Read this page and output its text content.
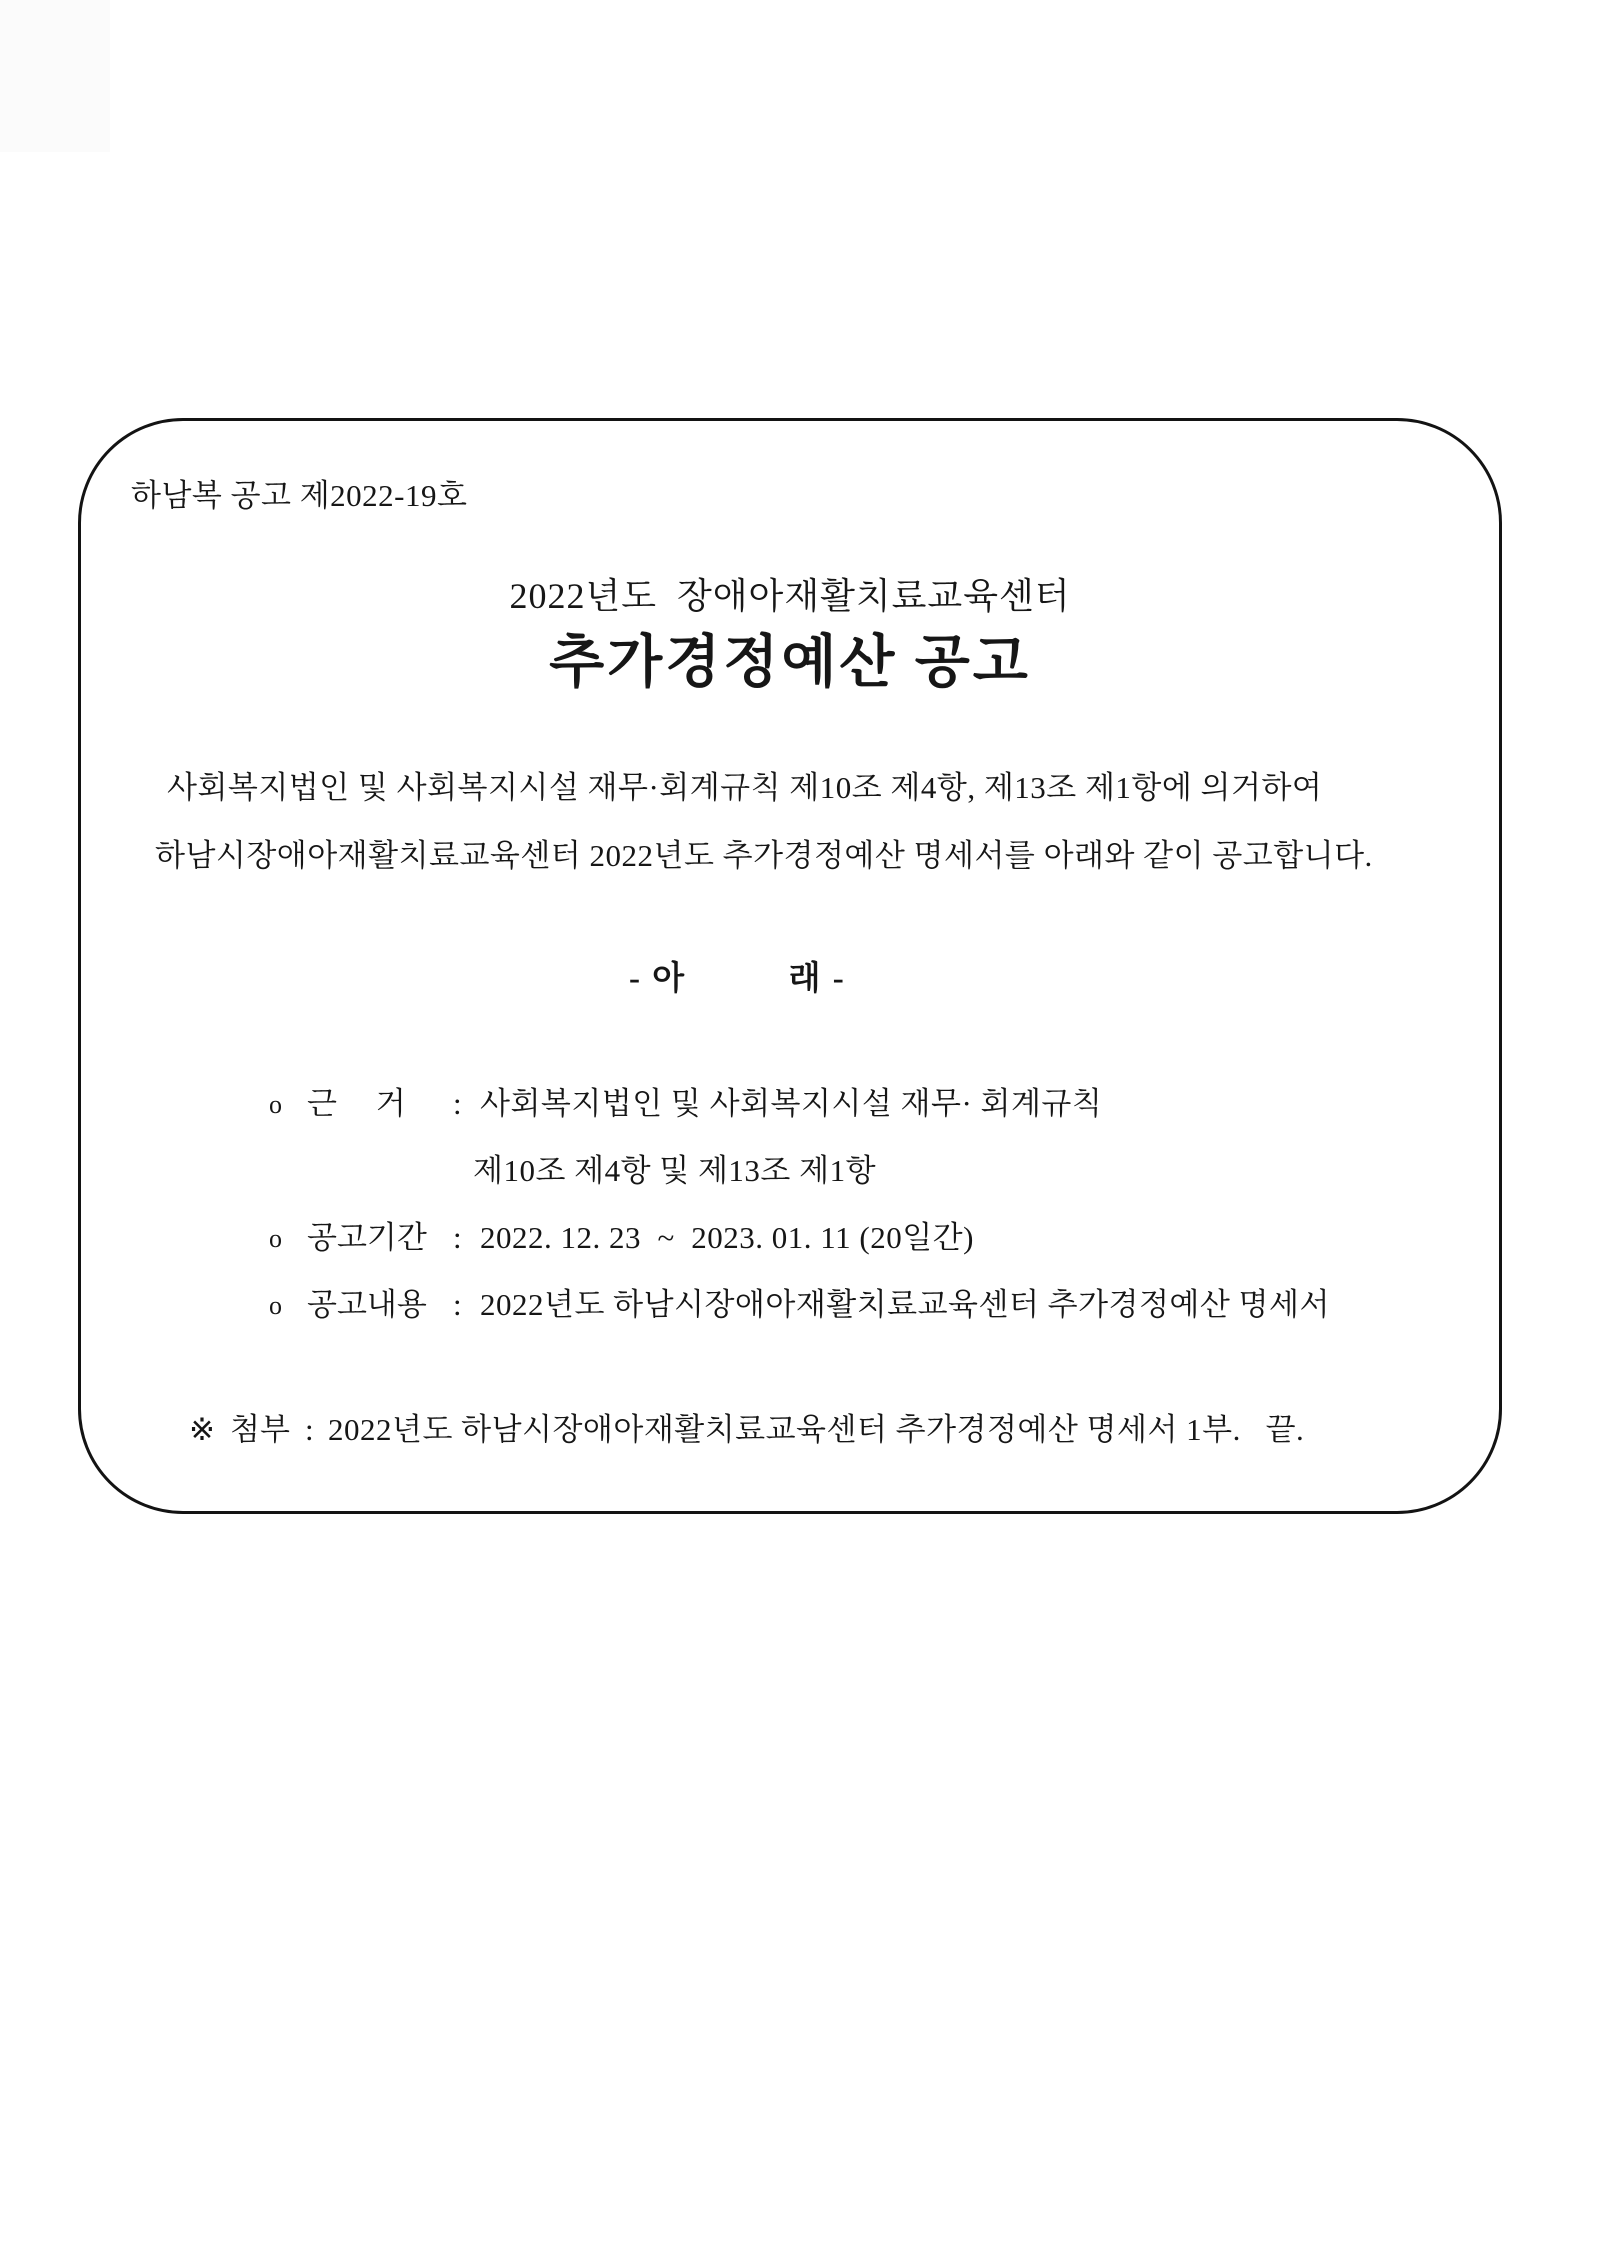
하남복 공고 제2022-19호
2022년도  장애아재활치료교육센터
추가경정예산 공고
사회복지법인 및 사회복지시설 재무·회계규칙 제10조 제4항, 제13조 제1항에 의거하여
하남시장애아재활치료교육센터 2022년도 추가경정예산 명세서를 아래와 같이 공고합니다.
- 아          래 -
o 근     거 : 사회복지법인 및 사회복지시설 재무· 회계규칙
제10조 제4항 및 제13조 제1항
o 공고기간 : 2022. 12. 23  ~  2023. 01. 11 (20일간)
o 공고내용 : 2022년도 하남시장애아재활치료교육센터 추가경정예산 명세서
※ 첨부 : 2022년도 하남시장애아재활치료교육센터 추가경정예산 명세서 1부.   끝.
